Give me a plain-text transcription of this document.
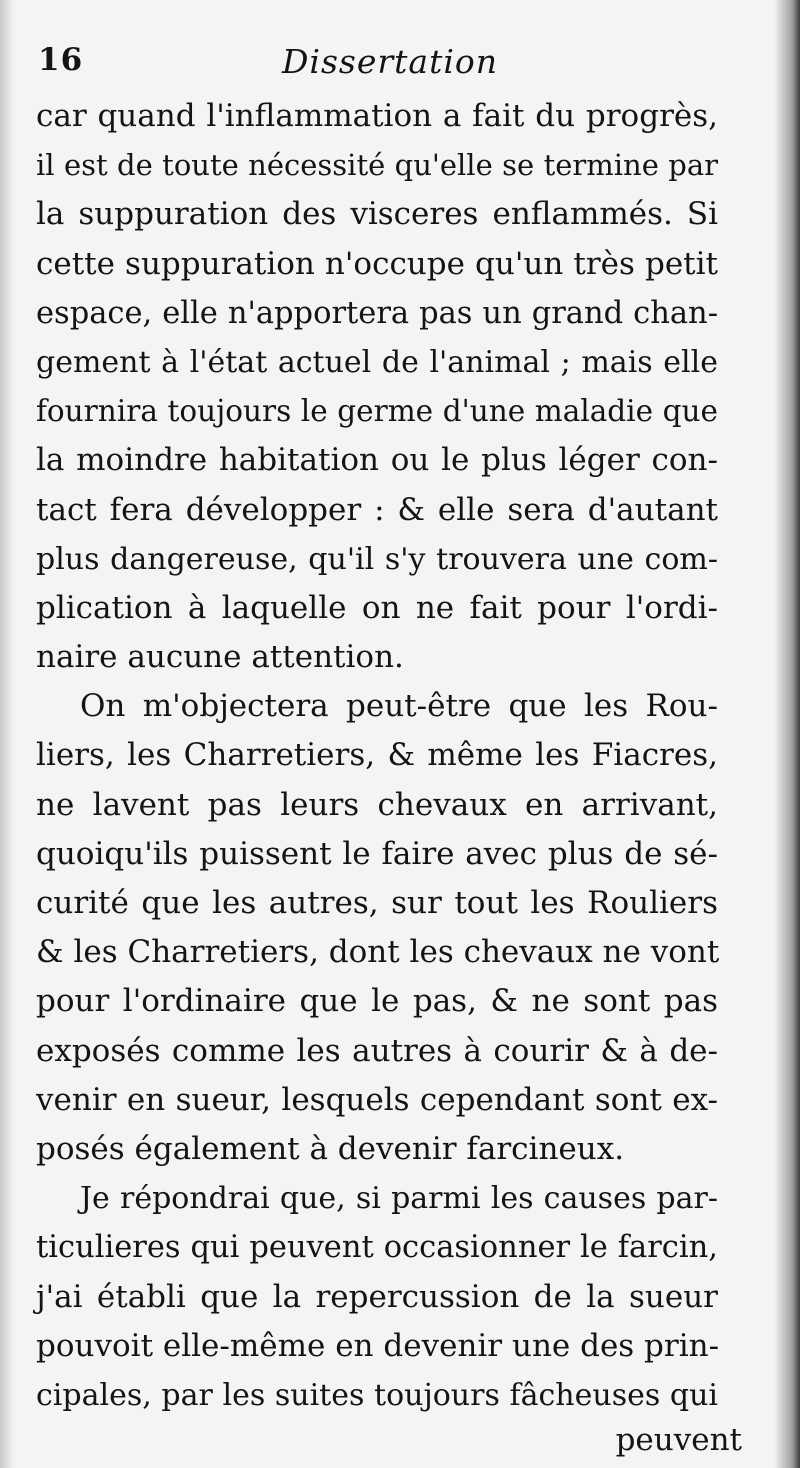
16	Dissertation
car quand l'inflammation a fait du progrès,
il est de toute nécessité qu'elle se termine par
la suppuration des visceres enflammés. Si
cette suppuration n'occupe qu'un très petit
espace, elle n'apportera pas un grand chan-
gement à l'état actuel de l'animal ; mais elle
fournira toujours le germe d'une maladie que
la moindre habitation ou le plus léger con-
tact fera développer : & elle sera d'autant
plus dangereuse, qu'il s'y trouvera une com-
plication à laquelle on ne fait pour l'ordi-
naire aucune attention.
On m'objectera peut-être que les Rou-
liers, les Charretiers, & même les Fiacres,
ne lavent pas leurs chevaux en arrivant,
quoiqu'ils puissent le faire avec plus de sé-
curité que les autres, sur tout les Rouliers
& les Charretiers, dont les chevaux ne vont
pour l'ordinaire que le pas, & ne sont pas
exposés comme les autres à courir & à de-
venir en sueur, lesquels cependant sont ex-
posés également à devenir farcineux.
Je répondrai que, si parmi les causes par-
ticulieres qui peuvent occasionner le farcin,
j'ai établi que la repercussion de la sueur
pouvoit elle-même en devenir une des prin-
cipales, par les suites toujours fâcheuses qui
peuvent
